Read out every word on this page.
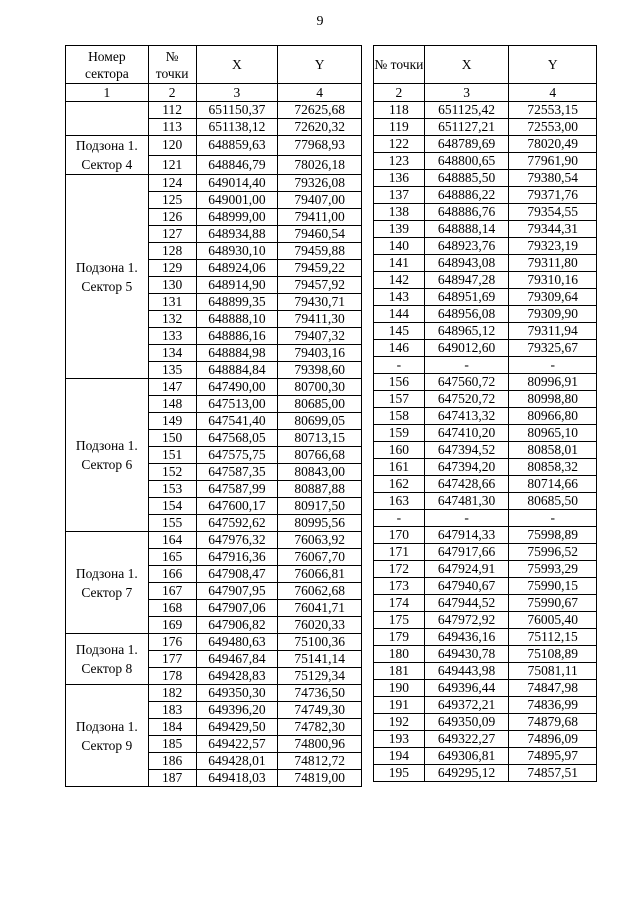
9
Номер сектора	№ точки	X	Y
1	2	3	4
	112	651150,37	72625,68
	113	651138,12	72620,32
Подзона 1. Сектор 4	120	648859,63	77968,93
	121	648846,79	78026,18
Подзона 1. Сектор 5	124	649014,40	79326,08
	125	649001,00	79407,00
	126	648999,00	79411,00
	127	648934,88	79460,54
	128	648930,10	79459,88
	129	648924,06	79459,22
	130	648914,90	79457,92
	131	648899,35	79430,71
	132	648888,10	79411,30
	133	648886,16	79407,32
	134	648884,98	79403,16
	135	648884,84	79398,60
Подзона 1. Сектор 6	147	647490,00	80700,30
	148	647513,00	80685,00
	149	647541,40	80699,05
	150	647568,05	80713,15
	151	647575,75	80766,68
	152	647587,35	80843,00
	153	647587,99	80887,88
	154	647600,17	80917,50
	155	647592,62	80995,56
Подзона 1. Сектор 7	164	647976,32	76063,92
	165	647916,36	76067,70
	166	647908,47	76066,81
	167	647907,95	76062,68
	168	647907,06	76041,71
	169	647906,82	76020,33
Подзона 1. Сектор 8	176	649480,63	75100,36
	177	649467,84	75141,14
	178	649428,83	75129,34
Подзона 1. Сектор 9	182	649350,30	74736,50
	183	649396,20	74749,30
	184	649429,50	74782,30
	185	649422,57	74800,96
	186	649428,01	74812,72
	187	649418,03	74819,00
№ точки	X	Y
2	3	4
118	651125,42	72553,15
119	651127,21	72553,00
122	648789,69	78020,49
123	648800,65	77961,90
136	648885,50	79380,54
137	648886,22	79371,76
138	648886,76	79354,55
139	648888,14	79344,31
140	648923,76	79323,19
141	648943,08	79311,80
142	648947,28	79310,16
143	648951,69	79309,64
144	648956,08	79309,90
145	648965,12	79311,94
146	649012,60	79325,67
-	-	-
156	647560,72	80996,91
157	647520,72	80998,80
158	647413,32	80966,80
159	647410,20	80965,10
160	647394,52	80858,01
161	647394,20	80858,32
162	647428,66	80714,66
163	647481,30	80685,50
-	-	-
170	647914,33	75998,89
171	647917,66	75996,52
172	647924,91	75993,29
173	647940,67	75990,15
174	647944,52	75990,67
175	647972,92	76005,40
179	649436,16	75112,15
180	649430,78	75108,89
181	649443,98	75081,11
190	649396,44	74847,98
191	649372,21	74836,99
192	649350,09	74879,68
193	649322,27	74896,09
194	649306,81	74895,97
195	649295,12	74857,51
